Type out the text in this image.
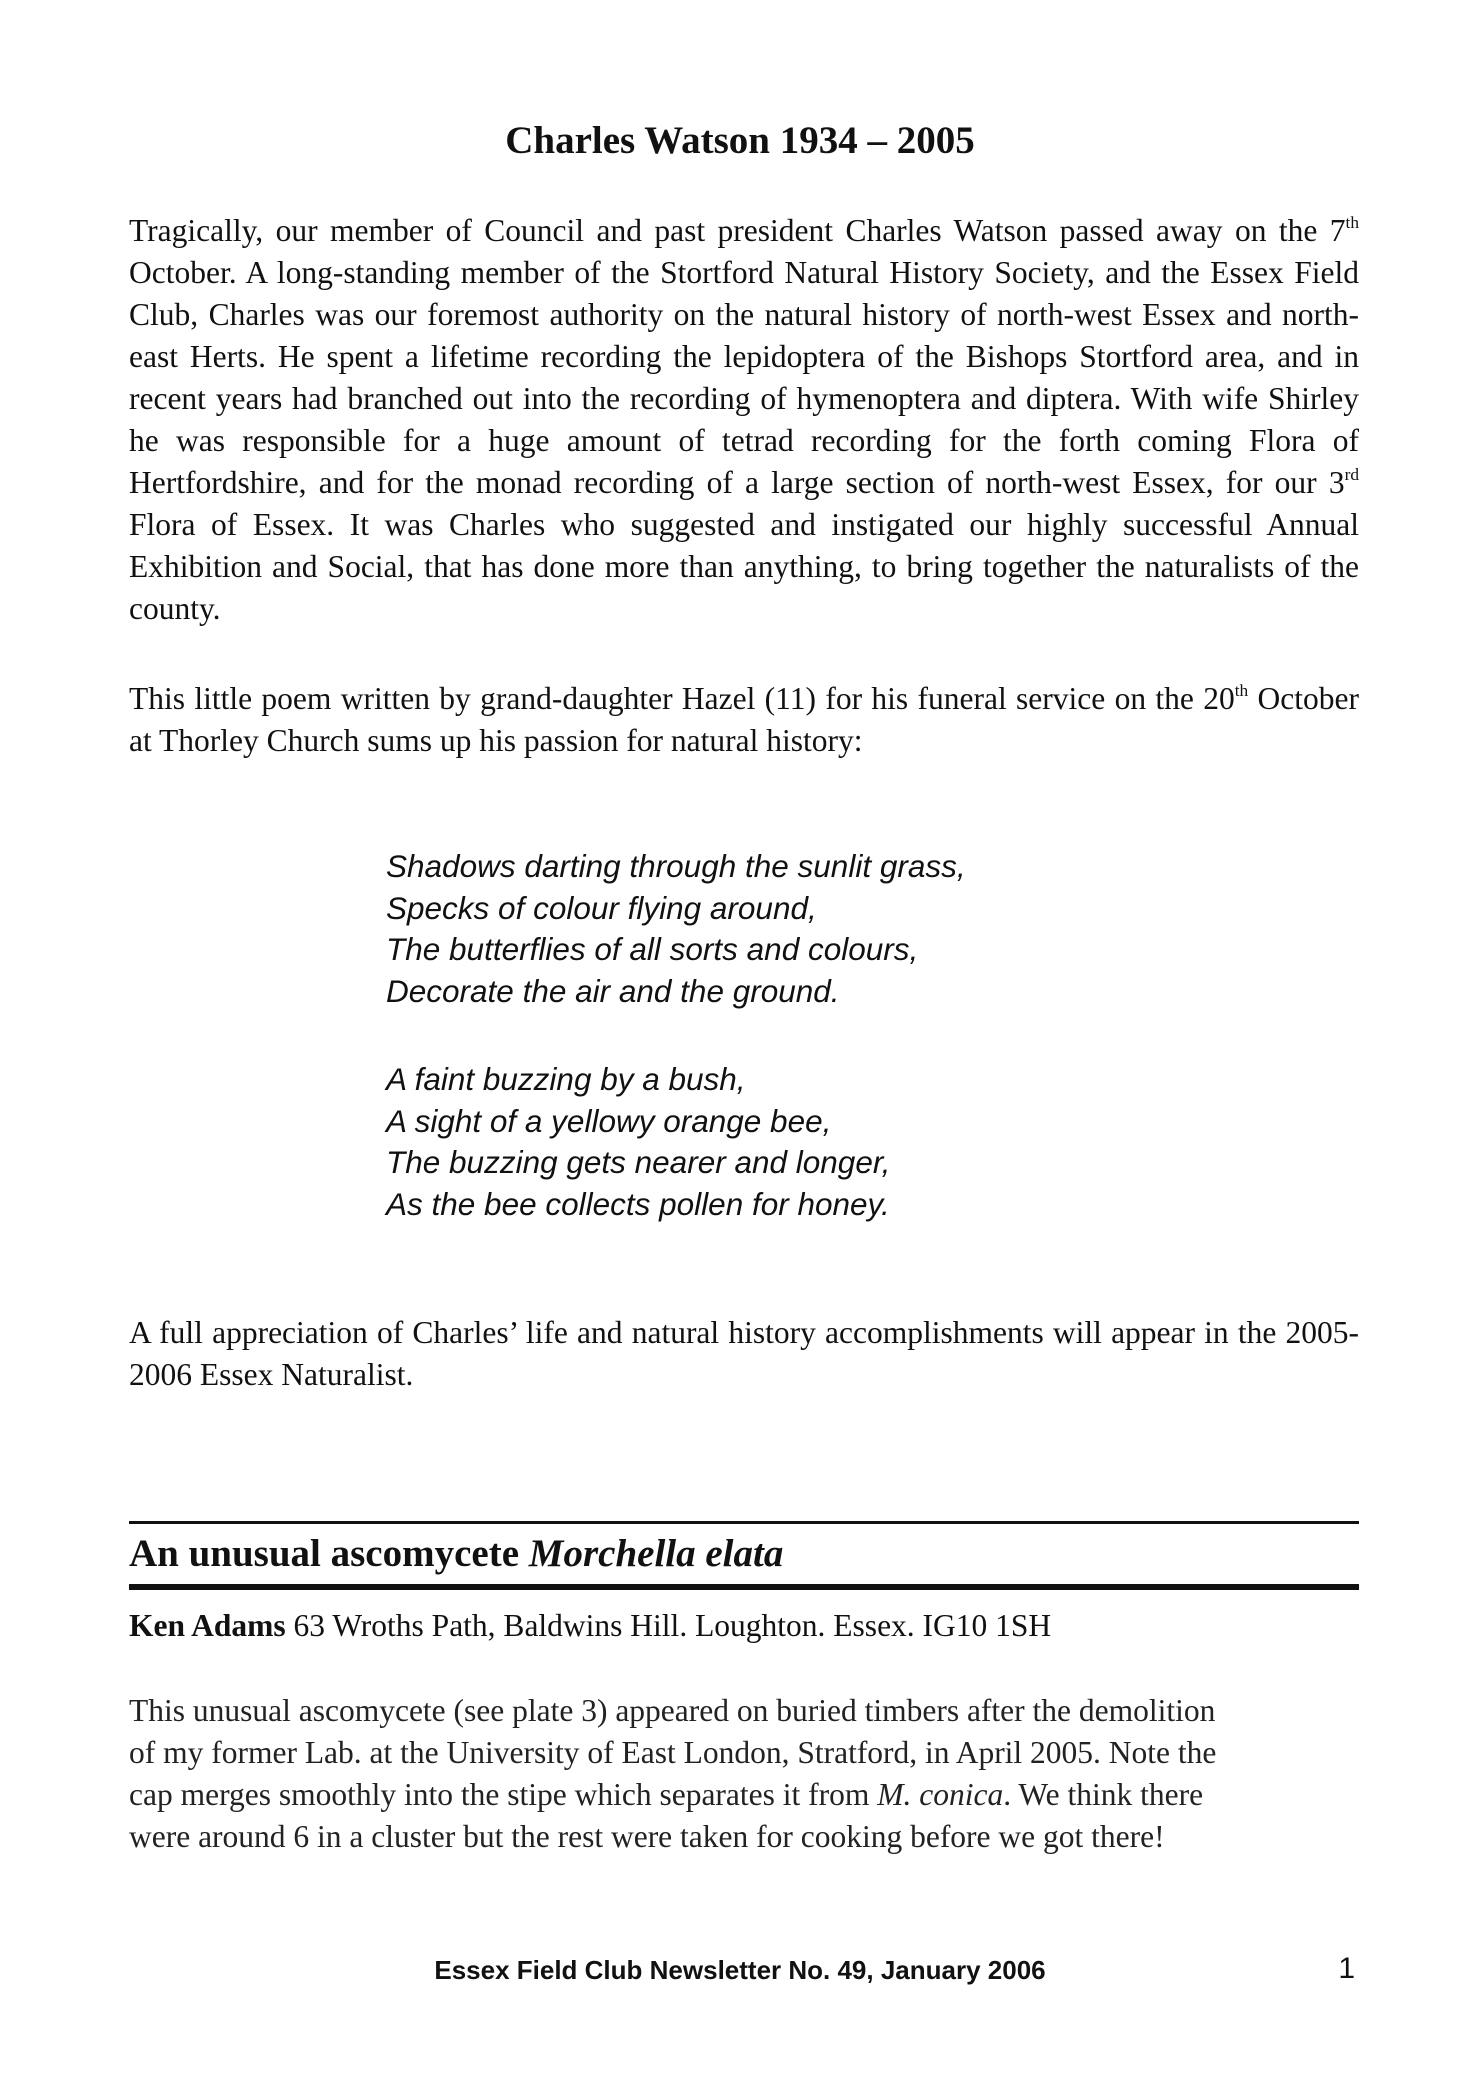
Charles Watson 1934 – 2005

Tragically, our member of Council and past president Charles Watson passed away on the 7th October. A long-standing member of the Stortford Natural History Society, and the Essex Field Club, Charles was our foremost authority on the natural history of north-west Essex and north-east Herts. He spent a lifetime recording the lepidoptera of the Bishops Stortford area, and in recent years had branched out into the recording of hymenoptera and diptera. With wife Shirley he was responsible for a huge amount of tetrad recording for the forth coming Flora of Hertfordshire, and for the monad recording of a large section of north-west Essex, for our 3rd Flora of Essex. It was Charles who suggested and instigated our highly successful Annual Exhibition and Social, that has done more than anything, to bring together the naturalists of the county.

This little poem written by grand-daughter Hazel (11) for his funeral service on the 20th October at Thorley Church sums up his passion for natural history:

Shadows darting through the sunlit grass,
Specks of colour flying around,
The butterflies of all sorts and colours,
Decorate the air and the ground.
A faint buzzing by a bush,
A sight of a yellowy orange bee,
The buzzing gets nearer and longer,
As the bee collects pollen for honey.

A full appreciation of Charles’ life and natural history accomplishments will appear in the 2005-2006 Essex Naturalist.

An unusual ascomycete Morchella elata
Ken Adams 63 Wroths Path, Baldwins Hill. Loughton. Essex. IG10 1SH
This unusual ascomycete (see plate 3) appeared on buried timbers after the demolition
of my former Lab. at the University of East London, Stratford, in April 2005. Note the
cap merges smoothly into the stipe which separates it from M. conica. We think there
were around 6 in a cluster but the rest were taken for cooking before we got there!
Essex Field Club Newsletter No. 49, January 2006	1
